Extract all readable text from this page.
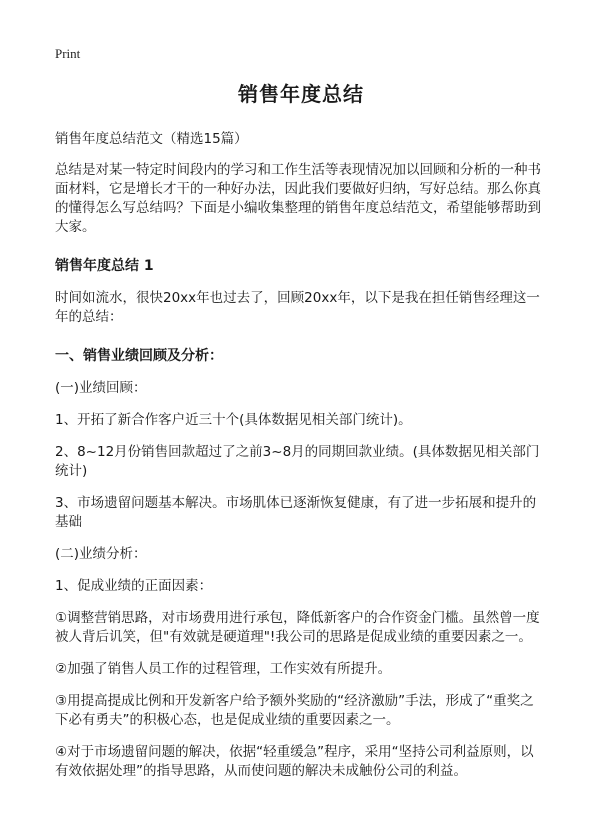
Print
销售年度总结
销售年度总结范文（精选15篇）

总结是对某一特定时间段内的学习和工作生活等表现情况加以回顾和分析的一种书面材料，它是增长才干的一种好办法，因此我们要做好归纳，写好总结。那么你真的懂得怎么写总结吗？下面是小编收集整理的销售年度总结范文，希望能够帮助到大家。

销售年度总结 1

时间如流水，很快20xx年也过去了，回顾20xx年，以下是我在担任销售经理这一年的总结：

一、销售业绩回顾及分析：

(一)业绩回顾：

1、开拓了新合作客户近三十个(具体数据见相关部门统计)。

2、8~12月份销售回款超过了之前3~8月的同期回款业绩。(具体数据见相关部门统计)

3、市场遗留问题基本解决。市场肌体已逐渐恢复健康，有了进一步拓展和提升的基础

(二)业绩分析：

1、促成业绩的正面因素：

①调整营销思路，对市场费用进行承包，降低新客户的合作资金门槛。虽然曾一度被人背后讥笑，但"有效就是硬道理"!我公司的思路是促成业绩的重要因素之一。

②加强了销售人员工作的过程管理，工作实效有所提升。

③用提高提成比例和开发新客户给予额外奖励的“经济激励”手法，形成了“重奖之下必有勇夫”的积极心态，也是促成业绩的重要因素之一。

④对于市场遗留问题的解决，依据“轻重缓急”程序，采用“坚持公司利益原则，以有效依据处理”的指导思路，从而使问题的解决未成触份公司的利益。
